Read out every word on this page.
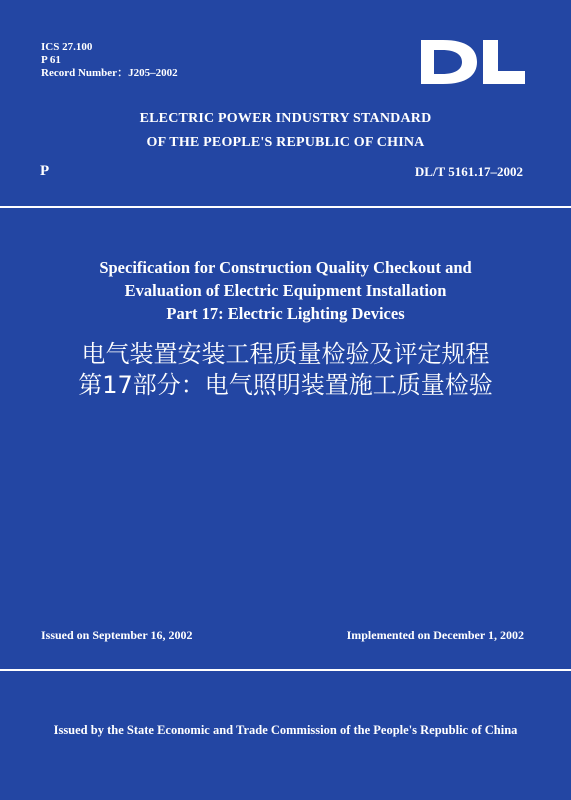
ICS 27.100
P 61
Record Number：J205–2002
ELECTRIC POWER INDUSTRY STANDARD
OF THE PEOPLE'S REPUBLIC OF CHINA
P	DL/T 5161.17–2002
Specification for Construction Quality Checkout and
Evaluation of Electric Equipment Installation
Part 17: Electric Lighting Devices
电气装置安装工程质量检验及评定规程
第17部分：电气照明装置施工质量检验
Issued on September 16, 2002	Implemented on December 1, 2002
Issued by the State Economic and Trade Commission of the People's Republic of China
